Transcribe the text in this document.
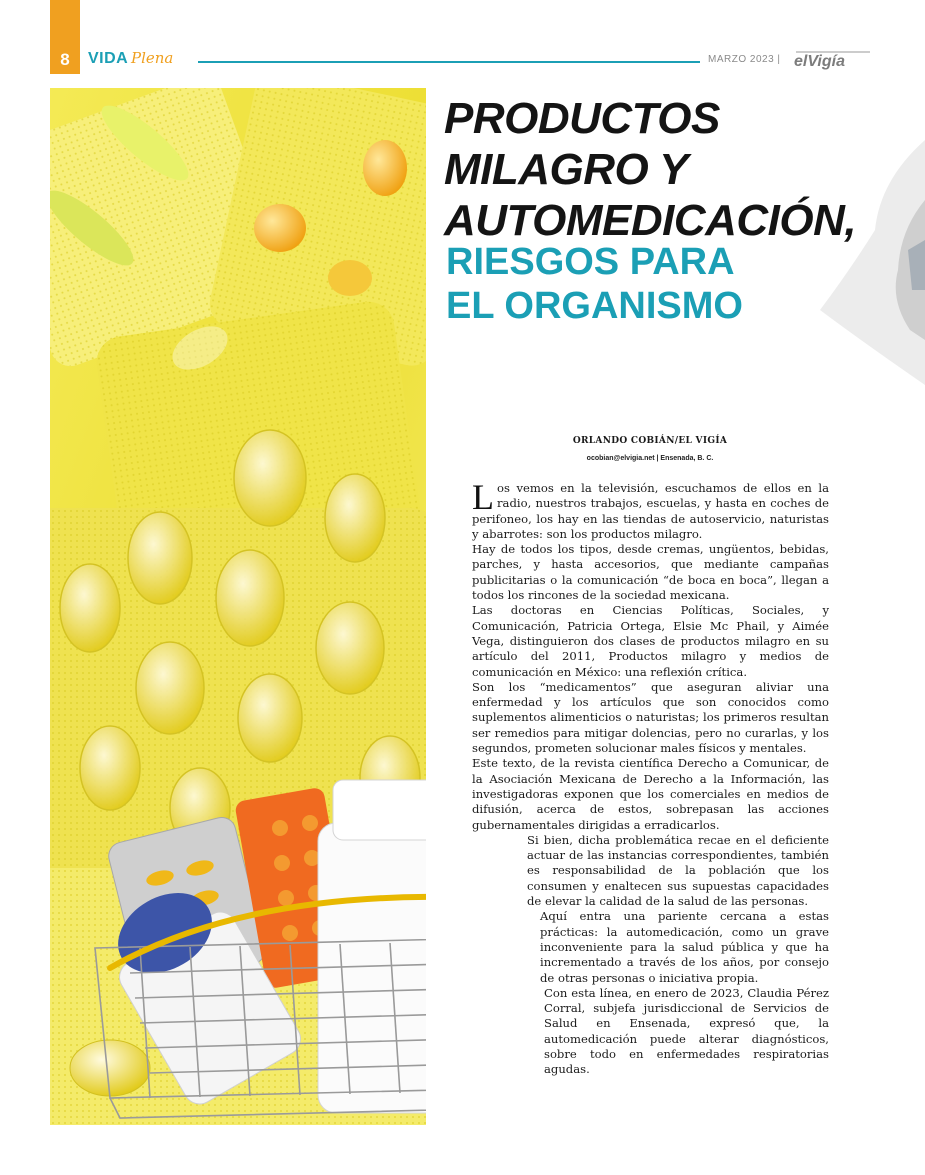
8	VIDA Plena	MARZO 2023 | elVigía
PRODUCTOS
MILAGRO Y
AUTOMEDICACIÓN,
RIESGOS PARA
EL ORGANISMO
ORLANDO COBIÁN/EL VIGÍA
ocobian@elvigia.net | Ensenada, B. C.

Los vemos en la televisión, escuchamos de ellos en la radio, nuestros trabajos, escuelas, y hasta en coches de perifoneo, los hay en las tiendas de autoservicio, naturistas y abarrotes: son los productos milagro.

Hay de todos los tipos, desde cremas, ungüentos, bebidas, parches, y hasta accesorios, que mediante campañas publicitarias o la comunicación “de boca en boca”, llegan a todos los rincones de la sociedad mexicana.

Las doctoras en Ciencias Políticas, Sociales, y Comunicación, Patricia Ortega, Elsie Mc Phail, y Aimée Vega, distinguieron dos clases de productos milagro en su artículo del 2011, Productos milagro y medios de comunicación en México: una reflexión crítica.

Son los “medicamentos” que aseguran aliviar una enfermedad y los artículos que son conocidos como suplementos alimenticios o naturistas; los primeros resultan ser remedios para mitigar dolencias, pero no curarlas, y los segundos, prometen solucionar males físicos y mentales.

Este texto, de la revista científica Derecho a Comunicar, de la Asociación Mexicana de Derecho a la Información, las investigadoras exponen que los comerciales en medios de difusión, acerca de estos, sobrepasan las acciones gubernamentales dirigidas a erradicarlos.

Si bien, dicha problemática recae en el deficiente actuar de las instancias correspondientes, también es responsabilidad de la población que los consumen y enaltecen sus supuestas capacidades de elevar la calidad de la salud de las personas.

Aquí entra una pariente cercana a estas prácticas: la automedicación, como un grave inconveniente para la salud pública y que ha incrementado a través de los años, por consejo de otras personas o iniciativa propia.

Con esta línea, en enero de 2023, Claudia Pérez Corral, subjefa jurisdiccional de Servicios de Salud en Ensenada, expresó que, la automedicación puede alterar diagnósticos, sobre todo en enfermedades respiratorias agudas.
